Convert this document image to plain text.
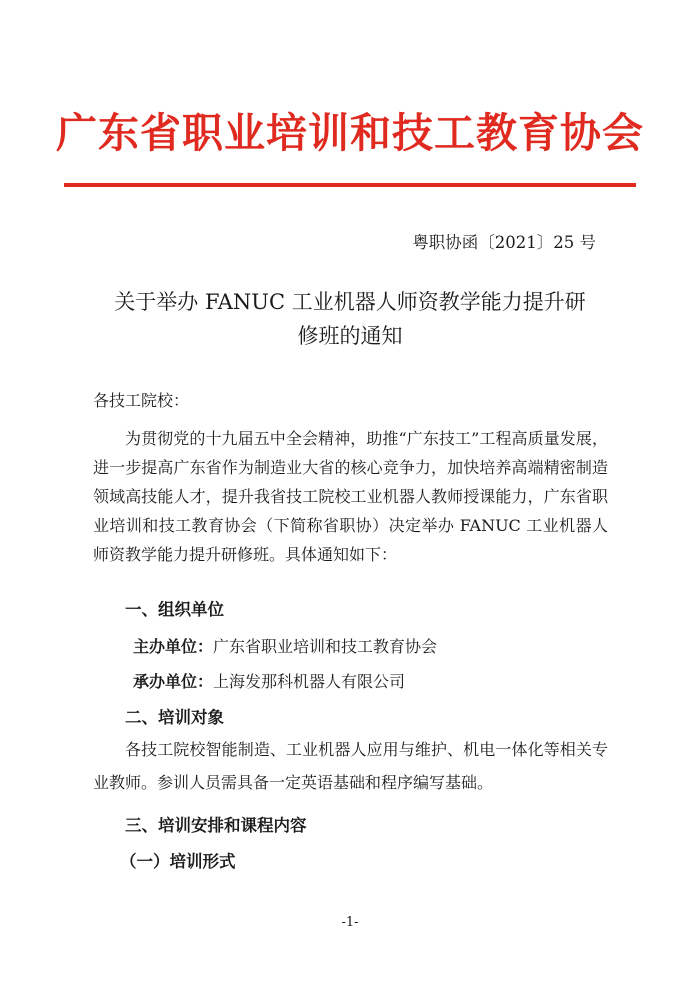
广东省职业培训和技工教育协会
粤职协函〔2021〕25 号
关于举办 FANUC 工业机器人师资教学能力提升研
修班的通知
各技工院校：
为贯彻党的十九届五中全会精神，助推“广东技工”工程高质量发展，进一步提高广东省作为制造业大省的核心竞争力，加快培养高端精密制造领域高技能人才，提升我省技工院校工业机器人教师授课能力，广东省职业培训和技工教育协会（下简称省职协）决定举办 FANUC 工业机器人师资教学能力提升研修班。具体通知如下：
一、组织单位
主办单位：广东省职业培训和技工教育协会
承办单位：上海发那科机器人有限公司
二、培训对象
各技工院校智能制造、工业机器人应用与维护、机电一体化等相关专业教师。参训人员需具备一定英语基础和程序编写基础。
三、培训安排和课程内容
（一）培训形式
-1-
